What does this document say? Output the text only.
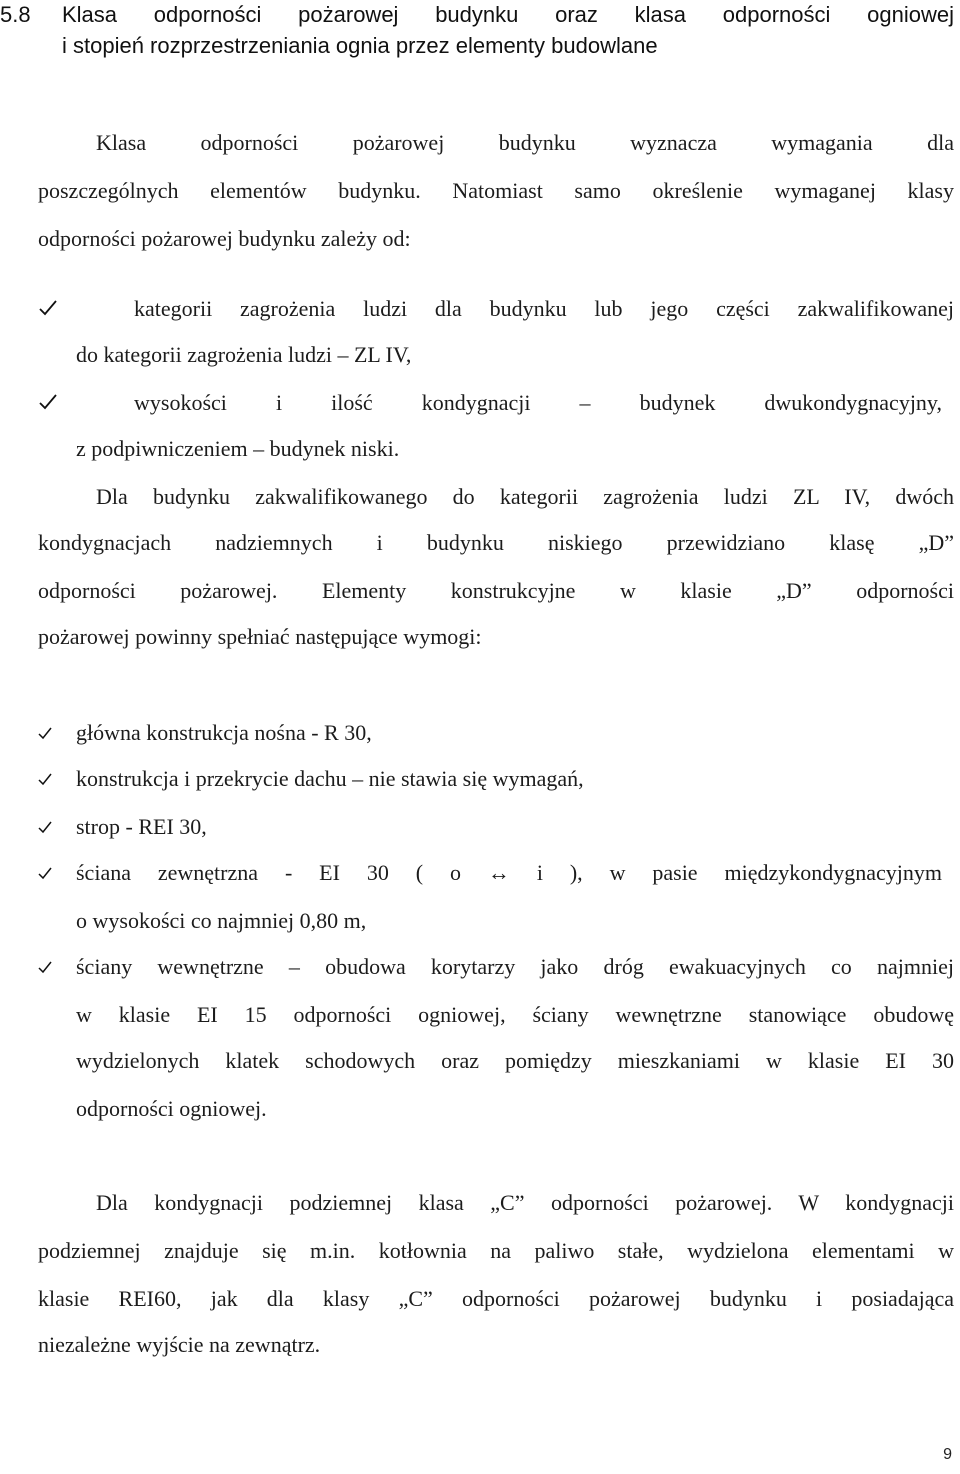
5.8 Klasa odporności pożarowej budynku oraz klasa odporności ogniowej
i stopień rozprzestrzeniania ognia przez elementy budowlane
Klasa odporności pożarowej budynku wyznacza wymagania dla
poszczególnych elementów budynku. Natomiast samo określenie wymaganej klasy
odporności pożarowej budynku zależy od:
kategorii zagrożenia ludzi dla budynku lub jego części zakwalifikowanej
do kategorii zagrożenia ludzi – ZL IV,
wysokości i ilość kondygnacji – budynek dwukondygnacyjny,
z podpiwniczeniem – budynek niski.
Dla budynku zakwalifikowanego do kategorii zagrożenia ludzi ZL IV, dwóch
kondygnacjach nadziemnych i budynku niskiego przewidziano klasę „D”
odporności pożarowej. Elementy konstrukcyjne w klasie „D” odporności
pożarowej powinny spełniać następujące wymogi:
główna konstrukcja nośna - R 30,
konstrukcja i przekrycie dachu – nie stawia się wymagań,
strop - REI 30,
ściana zewnętrzna - EI 30 ( o ↔ i ), w pasie międzykondygnacyjnym
o wysokości co najmniej 0,80 m,
ściany wewnętrzne – obudowa korytarzy jako dróg ewakuacyjnych co najmniej
w klasie EI 15 odporności ogniowej, ściany wewnętrzne stanowiące obudowę
wydzielonych klatek schodowych oraz pomiędzy mieszkaniami w klasie EI 30
odporności ogniowej.
Dla kondygnacji podziemnej klasa „C” odporności pożarowej. W kondygnacji
podziemnej znajduje się m.in. kotłownia na paliwo stałe, wydzielona elementami w
klasie REI60, jak dla klasy „C” odporności pożarowej budynku i posiadająca
niezależne wyjście na zewnątrz.
9
